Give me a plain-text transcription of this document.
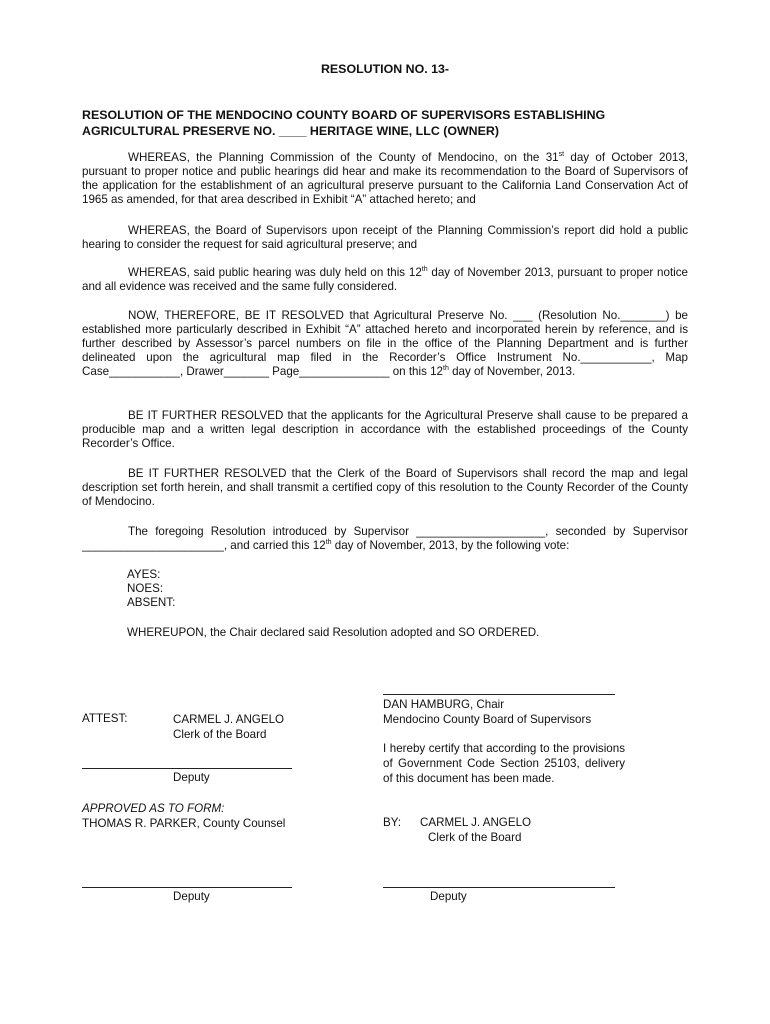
RESOLUTION NO. 13-
RESOLUTION OF THE MENDOCINO COUNTY BOARD OF SUPERVISORS ESTABLISHING
AGRICULTURAL PRESERVE NO. ____ HERITAGE WINE, LLC (OWNER)

WHEREAS, the Planning Commission of the County of Mendocino, on the 31st day of October 2013, pursuant to proper notice and public hearings did hear and make its recommendation to the Board of Supervisors of the application for the establishment of an agricultural preserve pursuant to the California Land Conservation Act of 1965 as amended, for that area described in Exhibit “A” attached hereto; and

WHEREAS, the Board of Supervisors upon receipt of the Planning Commission’s report did hold a public hearing to consider the request for said agricultural preserve; and

WHEREAS, said public hearing was duly held on this 12th day of November 2013, pursuant to proper notice and all evidence was received and the same fully considered.

NOW, THEREFORE, BE IT RESOLVED that Agricultural Preserve No. ___ (Resolution No._______) be established more particularly described in Exhibit “A” attached hereto and incorporated herein by reference, and is further described by Assessor’s parcel numbers on file in the office of the Planning Department and is further delineated upon the agricultural map filed in the Recorder’s Office Instrument No.___________, Map Case___________, Drawer_______ Page______________ on this 12th day of November, 2013.

BE IT FURTHER RESOLVED that the applicants for the Agricultural Preserve shall cause to be prepared a producible map and a written legal description in accordance with the established proceedings of the County Recorder’s Office.

BE IT FURTHER RESOLVED that the Clerk of the Board of Supervisors shall record the map and legal description set forth herein, and shall transmit a certified copy of this resolution to the County Recorder of the County of Mendocino.

The foregoing Resolution introduced by Supervisor ____________________, seconded by Supervisor ______________________, and carried this 12th day of November, 2013, by the following vote:

AYES:
NOES:
ABSENT:
WHEREUPON, the Chair declared said Resolution adopted and SO ORDERED.
DAN HAMBURG, Chair
Mendocino County Board of Supervisors
ATTEST:	CARMEL J. ANGELO
Clerk of the Board

I hereby certify that according to the provisions of Government Code Section 25103, delivery of this document has been made.

Deputy
APPROVED AS TO FORM:
THOMAS R. PARKER, County Counsel	BY: CARMEL J. ANGELO
Clerk of the Board
Deputy	Deputy
